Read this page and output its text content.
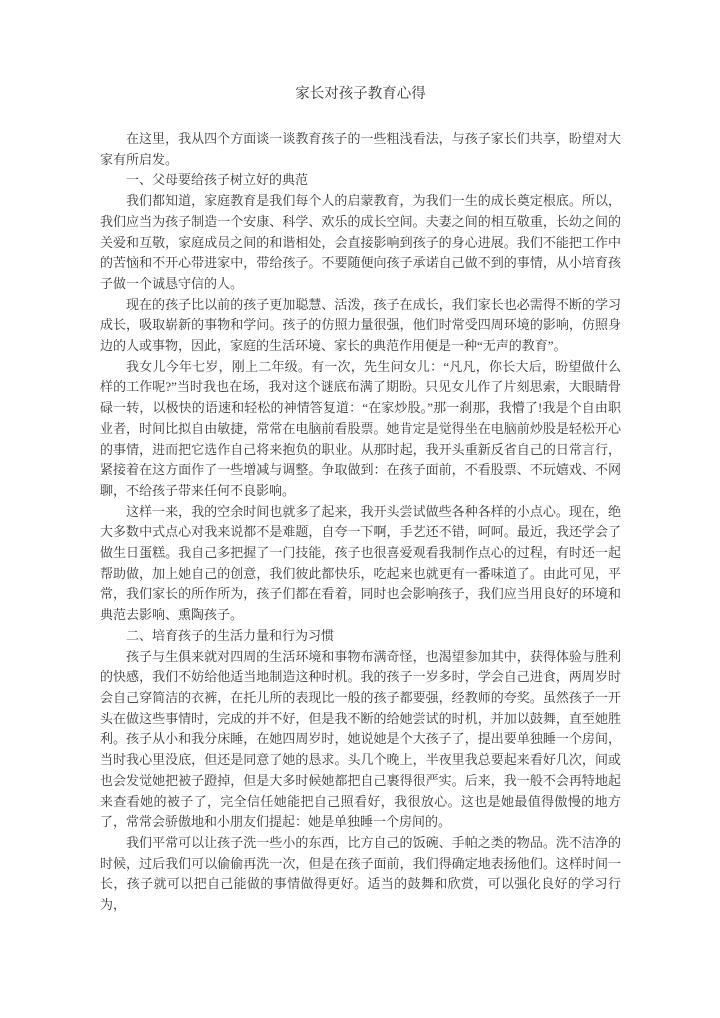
家长对孩子教育心得

在这里，我从四个方面谈一谈教育孩子的一些粗浅看法，与孩子家长们共享，盼望对大家有所启发。

一、父母要给孩子树立好的典范

我们都知道，家庭教育是我们每个人的启蒙教育，为我们一生的成长奠定根底。所以，我们应当为孩子制造一个安康、科学、欢乐的成长空间。夫妻之间的相互敬重，长幼之间的关爱和互敬，家庭成员之间的和谐相处，会直接影响到孩子的身心进展。我们不能把工作中的苦恼和不开心带进家中，带给孩子。不要随便向孩子承诺自己做不到的事情，从小培育孩子做一个诚恳守信的人。

现在的孩子比以前的孩子更加聪慧、活泼，孩子在成长，我们家长也必需得不断的学习成长，吸取崭新的事物和学问。孩子的仿照力量很强，他们时常受四周环境的影响，仿照身边的人或事物，因此，家庭的生活环境、家长的典范作用便是一种“无声的教育”。

我女儿今年七岁，刚上二年级。有一次，先生问女儿：“凡凡，你长大后，盼望做什么样的工作呢?”当时我也在场，我对这个谜底布满了期盼。只见女儿作了片刻思索，大眼睛骨碌一转，以极快的语速和轻松的神情答复道：“在家炒股。”那一刹那，我懵了!我是个自由职业者，时间比拟自由敏捷，常常在电脑前看股票。她肯定是觉得坐在电脑前炒股是轻松开心的事情，进而把它选作自己将来抱负的职业。从那时起，我开头重新反省自己的日常言行，紧接着在这方面作了一些增减与调整。争取做到：在孩子面前，不看股票、不玩嬉戏、不网聊，不给孩子带来任何不良影响。

这样一来，我的空余时间也就多了起来，我开头尝试做些各种各样的小点心。现在，绝大多数中式点心对我来说都不是难题，自夸一下啊，手艺还不错，呵呵。最近，我还学会了做生日蛋糕。我自己多把握了一门技能，孩子也很喜爱观看我制作点心的过程，有时还一起帮助做，加上她自己的创意，我们彼此都快乐，吃起来也就更有一番味道了。由此可见，平常，我们家长的所作所为，孩子们都在看着，同时也会影响孩子，我们应当用良好的环境和典范去影响、熏陶孩子。

二、培育孩子的生活力量和行为习惯

孩子与生俱来就对四周的生活环境和事物布满奇怪，也渴望参加其中，获得体验与胜利的快感，我们不妨给他适当地制造这种时机。我的孩子一岁多时，学会自己进食，两周岁时会自己穿简洁的衣裤，在托儿所的表现比一般的孩子都要强，经教师的夸奖。虽然孩子一开头在做这些事情时，完成的并不好，但是我不断的给她尝试的时机，并加以鼓舞，直至她胜利。孩子从小和我分床睡，在她四周岁时，她说她是个大孩子了，提出要单独睡一个房间，当时我心里没底，但还是同意了她的恳求。头几个晚上，半夜里我总要起来看好几次，间或也会发觉她把被子蹬掉，但是大多时候她都把自己裹得很严实。后来，我一般不会再特地起来查看她的被子了，完全信任她能把自己照看好，我很放心。这也是她最值得傲慢的地方了，常常会骄傲地和小朋友们提起：她是单独睡一个房间的。

我们平常可以让孩子洗一些小的东西，比方自己的饭碗、手帕之类的物品。洗不洁净的时候，过后我们可以偷偷再洗一次，但是在孩子面前，我们得确定地表扬他们。这样时间一长，孩子就可以把自己能做的事情做得更好。适当的鼓舞和欣赏，可以强化良好的学习行为，
